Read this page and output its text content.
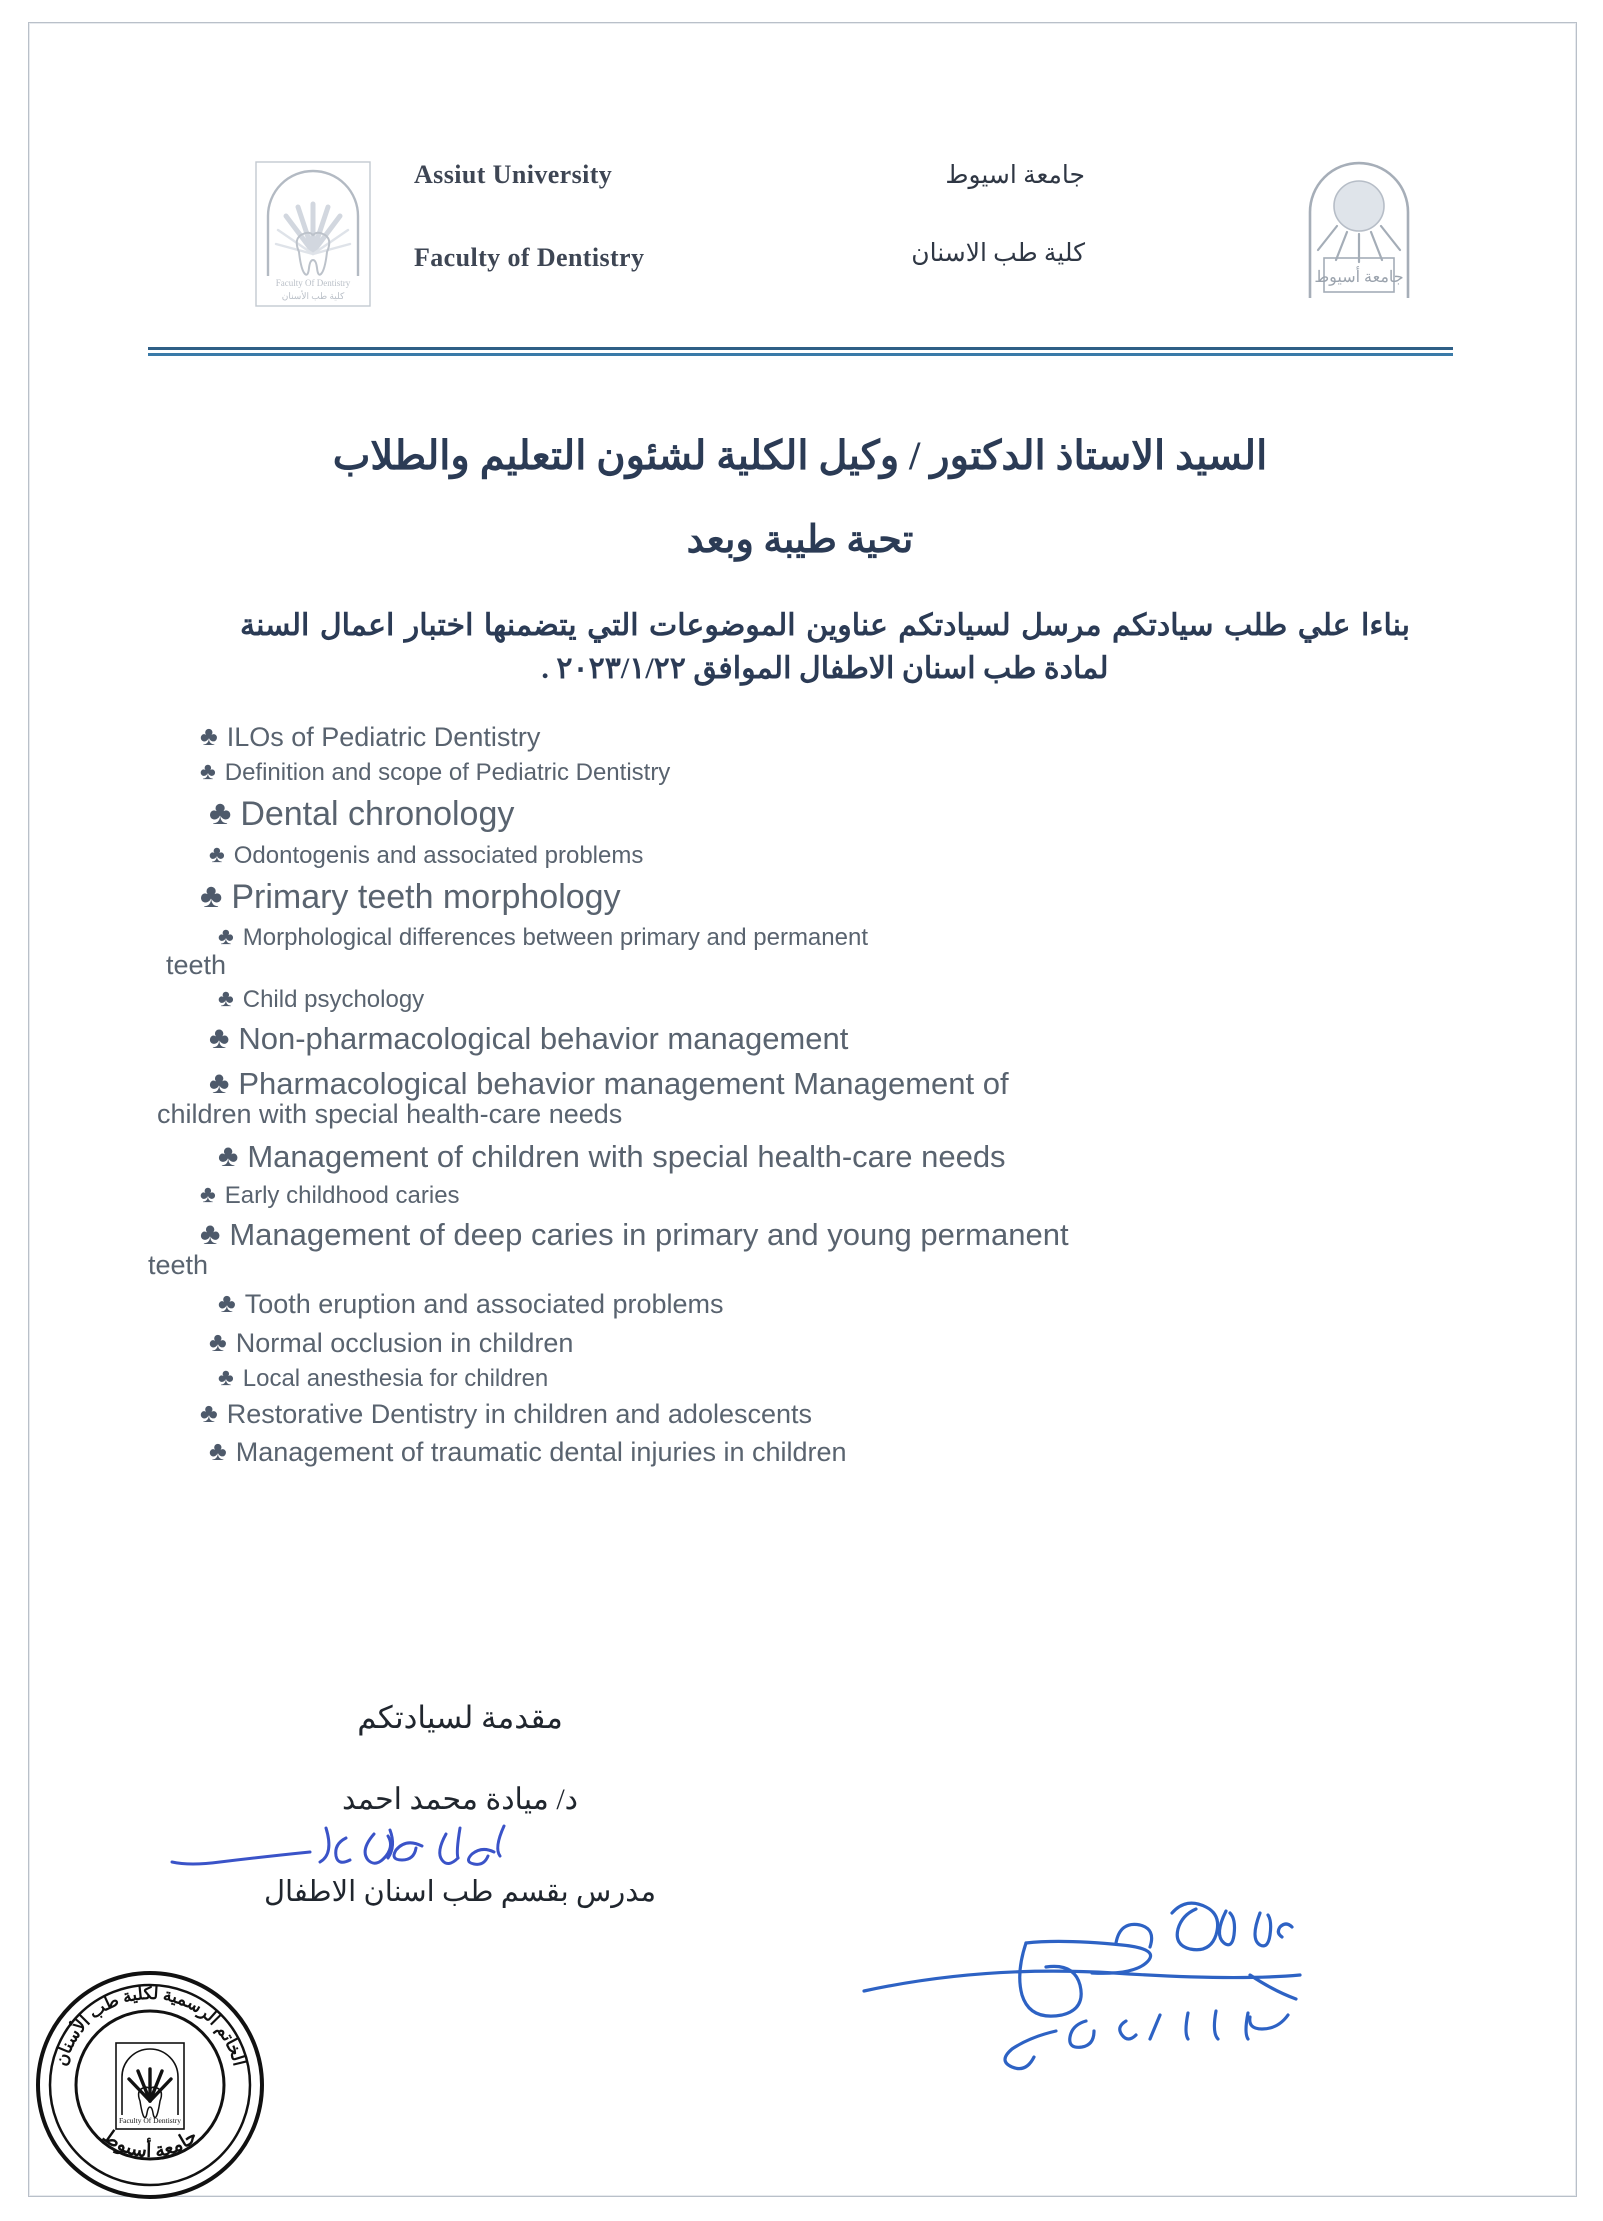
Faculty Of Dentistry
كلية طب الأسنان
Assiut University
Faculty of Dentistry
جامعة اسيوط
كلية طب الاسنان
جامعة أسيوط
السيد الاستاذ الدكتور / وكيل الكلية لشئون التعليم والطلاب
تحية طيبة وبعد
بناءا علي طلب سيادتكم مرسل لسيادتكم عناوين الموضوعات التي يتضمنها اختبار اعمال السنة لمادة طب اسنان الاطفال الموافق ٢٠٢٣/١/٢٢ .
♣ ILOs of Pediatric Dentistry
♣ Definition and scope of Pediatric Dentistry
♣ Dental chronology
♣ Odontogenis and associated problems
♣ Primary teeth morphology
♣ Morphological differences between primary and permanent
teeth
♣ Child psychology
♣ Non-pharmacological behavior management
♣ Pharmacological behavior management Management of
children with special health-care needs
♣ Management of children with special health-care needs
♣ Early childhood caries
♣ Management of deep caries in primary and young permanent
teeth
♣ Tooth eruption and associated problems
♣ Normal occlusion in children
♣ Local anesthesia for children
♣ Restorative Dentistry in children and adolescents
♣ Management of traumatic dental injuries in children
مقدمة لسيادتكم
د/ ميادة محمد احمد
مدرس بقسم طب اسنان الاطفال
الخاتم الرسمية لكلية طب الأسنان
جامعة أسيوط
Faculty Of Dentistry
